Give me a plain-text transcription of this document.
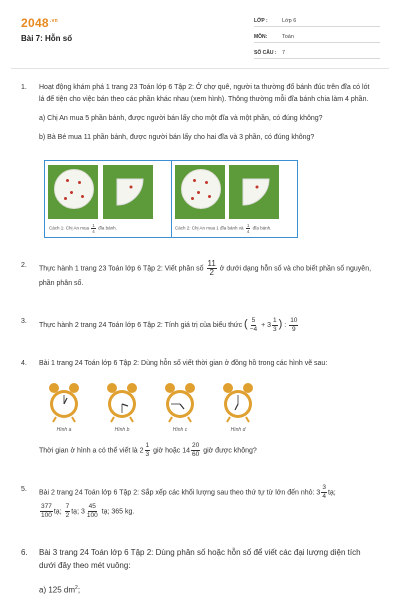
$2048^{.vn}$
Bài 7: Hỗn số
LỚP :	Lớp 6
MÔN:	Toán
SỐ CÂU :	7
1.	Hoạt động khám phá 1 trang 23 Toán lớp 6 Tập 2: Ở chợ quê, người ta thường đổ bánh đúc trên đĩa có lót lá để tiện cho việc bán theo các phần khác nhau (xem hình). Thông thường mỗi đĩa bánh chia làm 4 phần.
a) Chị An mua 5 phần bánh, được người bán lấy cho một đĩa và một phần, có đúng không?
b) Bà Bé mua 11 phần bánh, được người bán lấy cho hai đĩa và 3 phần, có đúng không?
Cách 1: Chị An mua $\frac{1}{4}$ đĩa bánh.	Cách 2: Chị An mua 1 đĩa bánh và $\frac{1}{4}$ đĩa bánh.
2.	Thực hành 1 trang 23 Toán lớp 6 Tập 2: Viết phân số $\frac{11}{2}$ ở dưới dạng hỗn số và cho biết phần số nguyên, phần phân số.
3.
Thực hành 2 trang 24 Toán lớp 6 Tập 2: Tính giá trị của biểu thức ( $\frac{5}{-4} + 3 \frac{1}{3}$ ) : $\frac{10}{9}$
4.	Bài 1 trang 24 Toán lớp 6 Tập 2: Dùng hỗn số viết thời gian ở đồng hồ trong các hình vẽ sau:
Hình a	Hình b	Hình c	Hình d
Thời gian ở hình a có thể viết là $2 \frac{1}{3}$ giờ hoặc $14 \frac{20}{60}$ giờ được không?
5.	Bài 2 trang 24 Toán lớp 6 Tập 2: Sắp xếp các khối lượng sau theo thứ tự từ lớn đến nhỏ: $3 \frac{3}{4}$ tạ;
$\frac{377}{100}$ tạ; $\frac{7}{2}$ tạ; $3 \frac{45}{100}$ tạ; 365 kg.
6.	Bài 3 trang 24 Toán lớp 6 Tập 2: Dùng phân số hoặc hỗn số để viết các đại lượng diện tích dưới đây theo mét vuông:
a) 125 $dm^2$;
